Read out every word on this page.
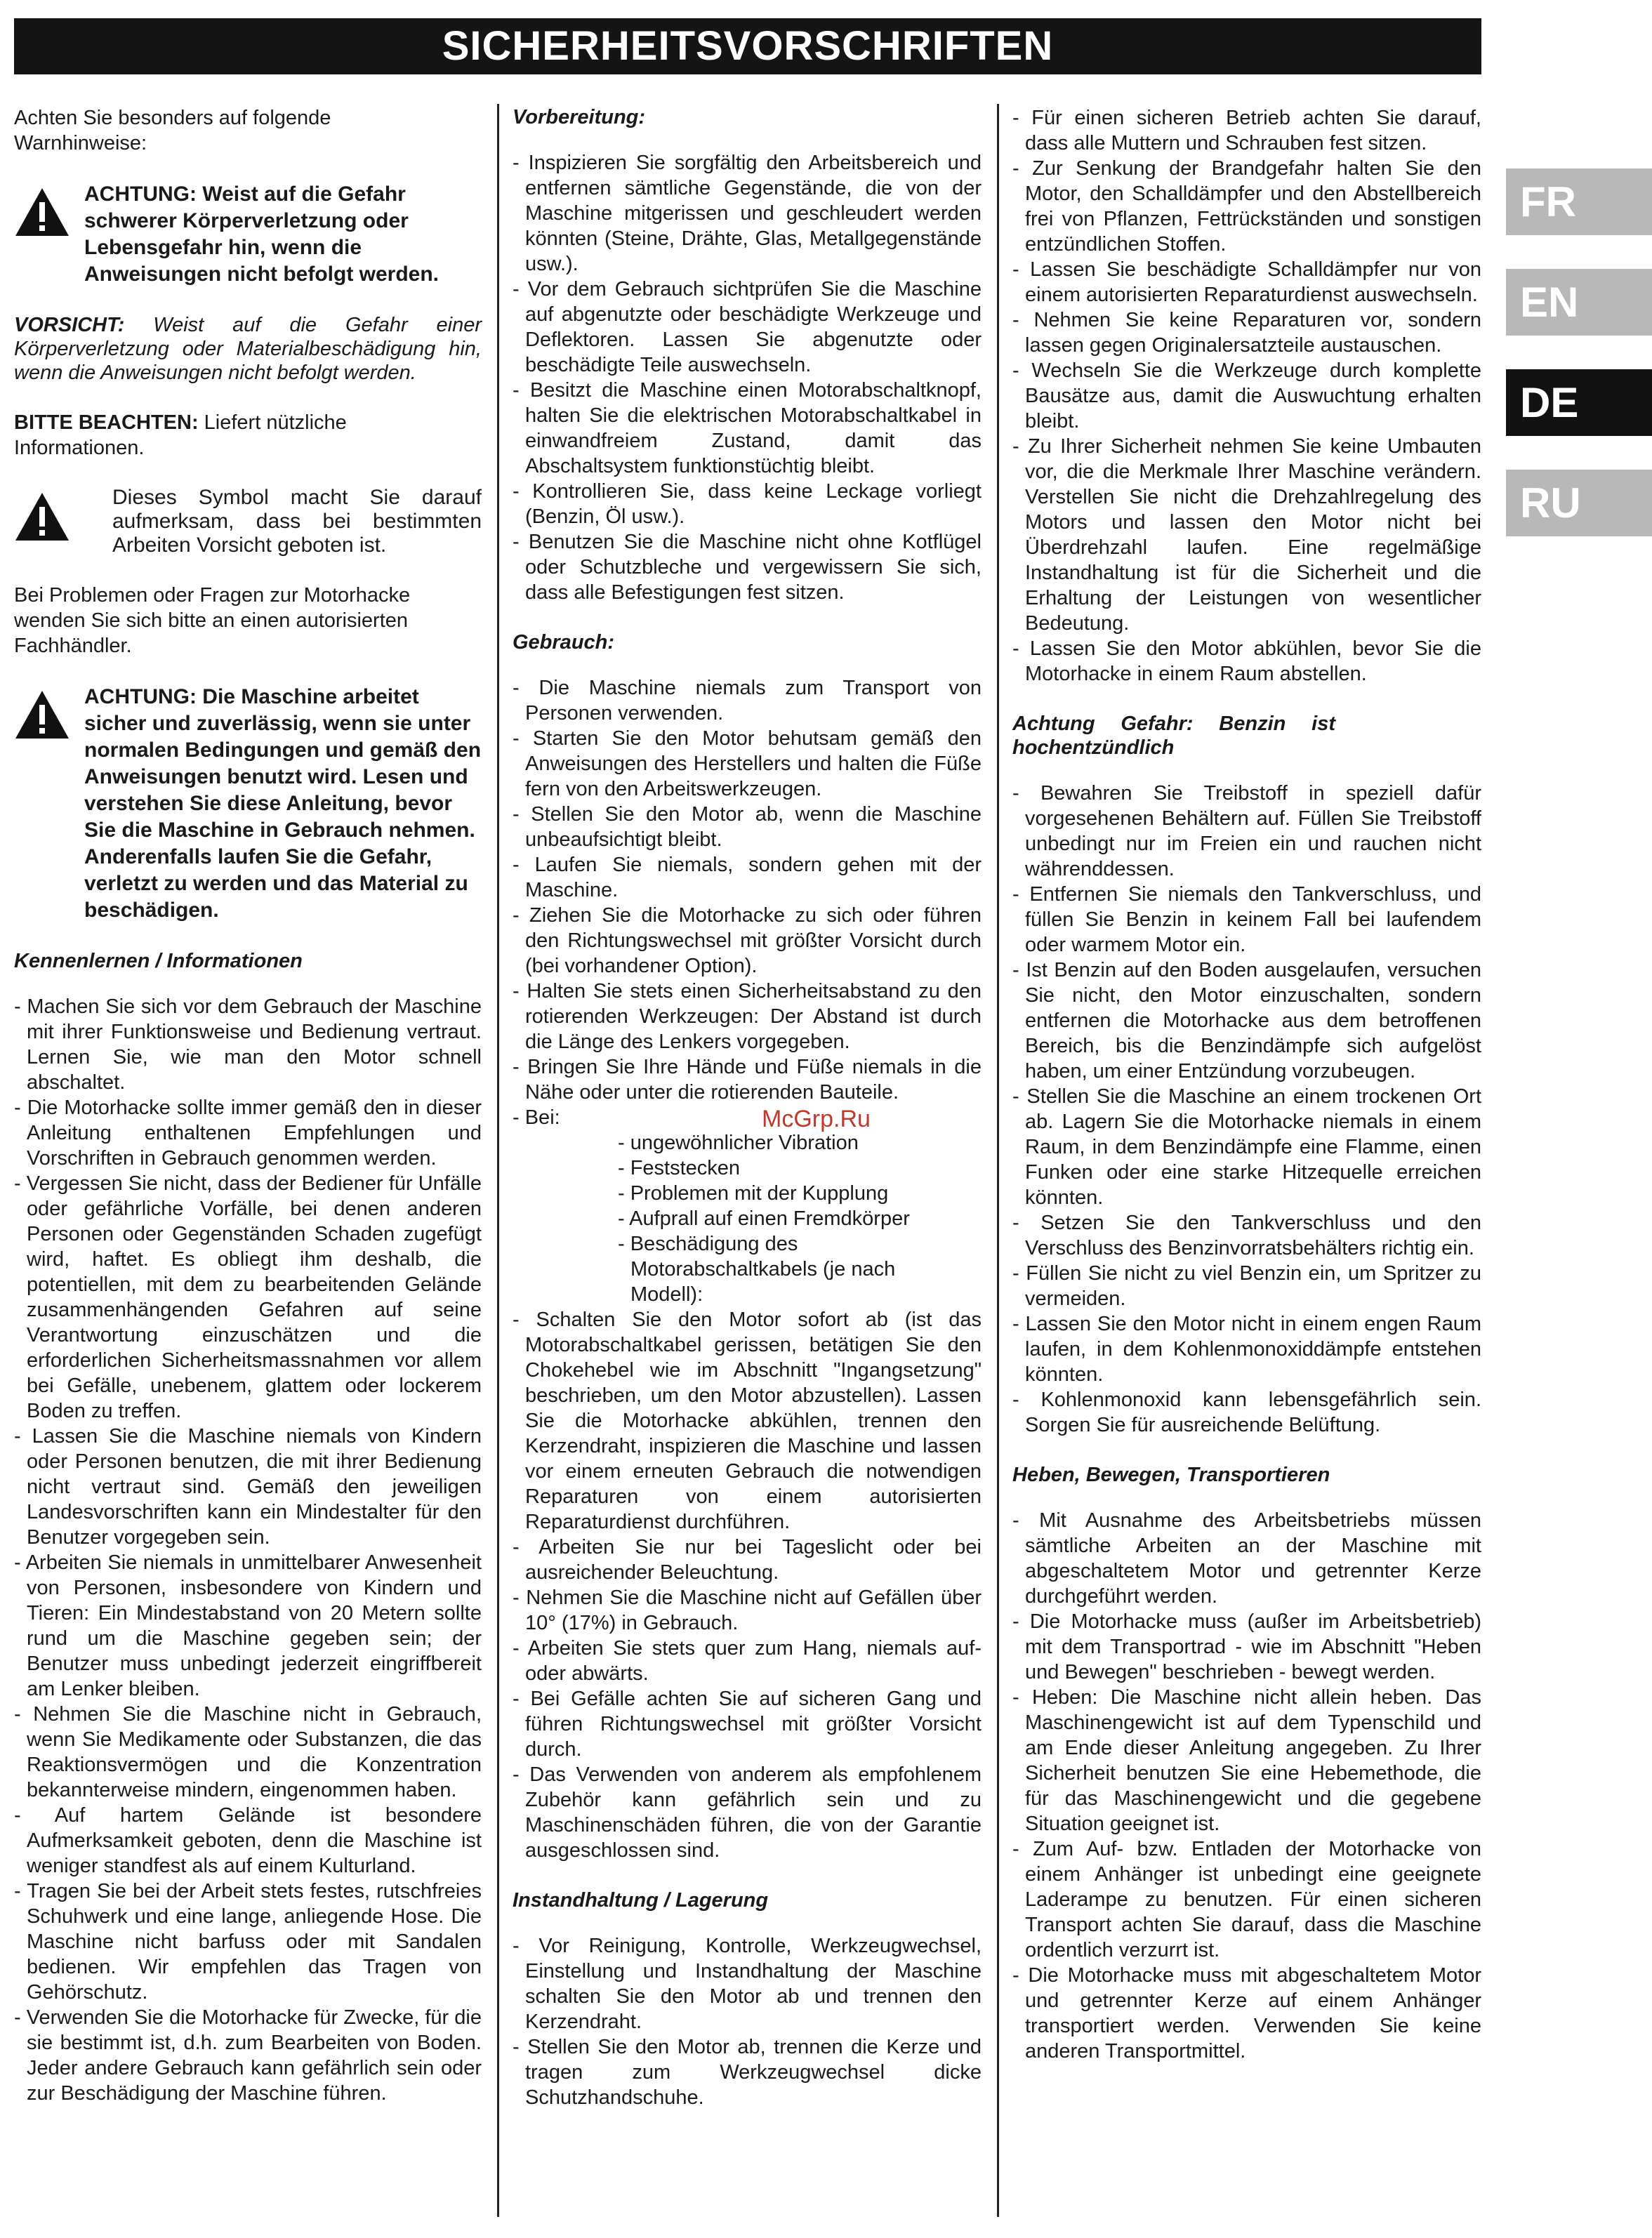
SICHERHEITSVORSCHRIFTEN
FR
EN
DE
RU
Achten Sie besonders auf folgende Warnhinweise:
ACHTUNG: Weist auf die Gefahr schwerer Körperverletzung oder Lebensgefahr hin, wenn die Anweisungen nicht befolgt werden.
VORSICHT: Weist auf die Gefahr einer Körperverletzung oder Materialbeschädigung hin, wenn die Anweisungen nicht befolgt werden.
BITTE BEACHTEN: Liefert nützliche Informationen.
Dieses Symbol macht Sie darauf aufmerksam, dass bei bestimmten Arbeiten Vorsicht geboten ist.
Bei Problemen oder Fragen zur Motorhacke wenden Sie sich bitte an einen autorisierten Fachhändler.
ACHTUNG: Die Maschine arbeitet sicher und zuverlässig, wenn sie unter normalen Bedingungen und gemäß den Anweisungen benutzt wird. Lesen und verstehen Sie diese Anleitung, bevor Sie die Maschine in Gebrauch nehmen. Anderenfalls laufen Sie die Gefahr, verletzt zu werden und das Material zu beschädigen.
Kennenlernen / Informationen
- Machen Sie sich vor dem Gebrauch der Maschine mit ihrer Funktionsweise und Bedienung vertraut. Lernen Sie, wie man den Motor schnell abschaltet.
- Die Motorhacke sollte immer gemäß den in dieser Anleitung enthaltenen Empfehlungen und Vorschriften in Gebrauch genommen werden.
- Vergessen Sie nicht, dass der Bediener für Unfälle oder gefährliche Vorfälle, bei denen anderen Personen oder Gegenständen Schaden zugefügt wird, haftet. Es obliegt ihm deshalb, die potentiellen, mit dem zu bearbeitenden Gelände zusammenhängenden Gefahren auf seine Verantwortung einzuschätzen und die erforderlichen Sicherheitsmassnahmen vor allem bei Gefälle, unebenem, glattem oder lockerem Boden zu treffen.
- Lassen Sie die Maschine niemals von Kindern oder Personen benutzen, die mit ihrer Bedienung nicht vertraut sind. Gemäß den jeweiligen Landesvorschriften kann ein Mindestalter für den Benutzer vorgegeben sein.
- Arbeiten Sie niemals in unmittelbarer Anwesenheit von Personen, insbesondere von Kindern und Tieren: Ein Mindestabstand von 20 Metern sollte rund um die Maschine gegeben sein; der Benutzer muss unbedingt jederzeit eingriffbereit am Lenker bleiben.
- Nehmen Sie die Maschine nicht in Gebrauch, wenn Sie Medikamente oder Substanzen, die das Reaktionsvermögen und die Konzentration bekannterweise mindern, eingenommen haben.
- Auf hartem Gelände ist besondere Aufmerksamkeit geboten, denn die Maschine ist weniger standfest als auf einem Kulturland.
- Tragen Sie bei der Arbeit stets festes, rutschfreies Schuhwerk und eine lange, anliegende Hose. Die Maschine nicht barfuss oder mit Sandalen bedienen. Wir empfehlen das Tragen von Gehörschutz.
- Verwenden Sie die Motorhacke für Zwecke, für die sie bestimmt ist, d.h. zum Bearbeiten von Boden. Jeder andere Gebrauch kann gefährlich sein oder zur Beschädigung der Maschine führen.
Vorbereitung:
- Inspizieren Sie sorgfältig den Arbeitsbereich und entfernen sämtliche Gegenstände, die von der Maschine mitgerissen und geschleudert werden könnten (Steine, Drähte, Glas, Metallgegenstände usw.).
- Vor dem Gebrauch sichtprüfen Sie die Maschine auf abgenutzte oder beschädigte Werkzeuge und Deflektoren. Lassen Sie abgenutzte oder beschädigte Teile auswechseln.
- Besitzt die Maschine einen Motorabschaltknopf, halten Sie die elektrischen Motorabschaltkabel in einwandfreiem Zustand, damit das Abschaltsystem funktionstüchtig bleibt.
- Kontrollieren Sie, dass keine Leckage vorliegt (Benzin, Öl usw.).
- Benutzen Sie die Maschine nicht ohne Kotflügel oder Schutzbleche und vergewissern Sie sich, dass alle Befestigungen fest sitzen.
Gebrauch:
- Die Maschine niemals zum Transport von Personen verwenden.
- Starten Sie den Motor behutsam gemäß den Anweisungen des Herstellers und halten die Füße fern von den Arbeitswerkzeugen.
- Stellen Sie den Motor ab, wenn die Maschine unbeaufsichtigt bleibt.
- Laufen Sie niemals, sondern gehen mit der Maschine.
- Ziehen Sie die Motorhacke zu sich oder führen den Richtungswechsel mit größter Vorsicht durch (bei vorhandener Option).
- Halten Sie stets einen Sicherheitsabstand zu den rotierenden Werkzeugen: Der Abstand ist durch die Länge des Lenkers vorgegeben.
- Bringen Sie Ihre Hände und Füße niemals in die Nähe oder unter die rotierenden Bauteile.
- Bei:
- ungewöhnlicher Vibration
- Feststecken
- Problemen mit der Kupplung
- Aufprall auf einen Fremdkörper
- Beschädigung des Motorabschaltkabels (je nach Modell):
- Schalten Sie den Motor sofort ab (ist das Motorabschaltkabel gerissen, betätigen Sie den Chokehebel wie im Abschnitt "Ingangsetzung" beschrieben, um den Motor abzustellen). Lassen Sie die Motorhacke abkühlen, trennen den Kerzendraht, inspizieren die Maschine und lassen vor einem erneuten Gebrauch die notwendigen Reparaturen von einem autorisierten Reparaturdienst durchführen.
- Arbeiten Sie nur bei Tageslicht oder bei ausreichender Beleuchtung.
- Nehmen Sie die Maschine nicht auf Gefällen über 10° (17%) in Gebrauch.
- Arbeiten Sie stets quer zum Hang, niemals auf- oder abwärts.
- Bei Gefälle achten Sie auf sicheren Gang und führen Richtungswechsel mit größter Vorsicht durch.
- Das Verwenden von anderem als empfohlenem Zubehör kann gefährlich sein und zu Maschinenschäden führen, die von der Garantie ausgeschlossen sind.
Instandhaltung / Lagerung
- Vor Reinigung, Kontrolle, Werkzeugwechsel, Einstellung und Instandhaltung der Maschine schalten Sie den Motor ab und trennen den Kerzendraht.
- Stellen Sie den Motor ab, trennen die Kerze und tragen zum Werkzeugwechsel dicke Schutzhandschuhe.
- Für einen sicheren Betrieb achten Sie darauf, dass alle Muttern und Schrauben fest sitzen.
- Zur Senkung der Brandgefahr halten Sie den Motor, den Schalldämpfer und den Abstellbereich frei von Pflanzen, Fettrückständen und sonstigen entzündlichen Stoffen.
- Lassen Sie beschädigte Schalldämpfer nur von einem autorisierten Reparaturdienst auswechseln.
- Nehmen Sie keine Reparaturen vor, sondern lassen gegen Originalersatzteile austauschen.
- Wechseln Sie die Werkzeuge durch komplette Bausätze aus, damit die Auswuchtung erhalten bleibt.
- Zu Ihrer Sicherheit nehmen Sie keine Umbauten vor, die die Merkmale Ihrer Maschine verändern. Verstellen Sie nicht die Drehzahlregelung des Motors und lassen den Motor nicht bei Überdrehzahl laufen. Eine regelmäßige Instandhaltung ist für die Sicherheit und die Erhaltung der Leistungen von wesentlicher Bedeutung.
- Lassen Sie den Motor abkühlen, bevor Sie die Motorhacke in einem Raum abstellen.
Achtung Gefahr: Benzin ist hochentzündlich
- Bewahren Sie Treibstoff in speziell dafür vorgesehenen Behältern auf. Füllen Sie Treibstoff unbedingt nur im Freien ein und rauchen nicht währenddessen.
- Entfernen Sie niemals den Tankverschluss, und füllen Sie Benzin in keinem Fall bei laufendem oder warmem Motor ein.
- Ist Benzin auf den Boden ausgelaufen, versuchen Sie nicht, den Motor einzuschalten, sondern entfernen die Motorhacke aus dem betroffenen Bereich, bis die Benzindämpfe sich aufgelöst haben, um einer Entzündung vorzubeugen.
- Stellen Sie die Maschine an einem trockenen Ort ab. Lagern Sie die Motorhacke niemals in einem Raum, in dem Benzindämpfe eine Flamme, einen Funken oder eine starke Hitzequelle erreichen könnten.
- Setzen Sie den Tankverschluss und den Verschluss des Benzinvorratsbehälters richtig ein.
- Füllen Sie nicht zu viel Benzin ein, um Spritzer zu vermeiden.
- Lassen Sie den Motor nicht in einem engen Raum laufen, in dem Kohlenmonoxiddämpfe entstehen könnten.
- Kohlenmonoxid kann lebensgefährlich sein. Sorgen Sie für ausreichende Belüftung.
Heben, Bewegen, Transportieren
- Mit Ausnahme des Arbeitsbetriebs müssen sämtliche Arbeiten an der Maschine mit abgeschaltetem Motor und getrennter Kerze durchgeführt werden.
- Die Motorhacke muss (außer im Arbeitsbetrieb) mit dem Transportrad - wie im Abschnitt "Heben und Bewegen" beschrieben - bewegt werden.
- Heben: Die Maschine nicht allein heben. Das Maschinengewicht ist auf dem Typenschild und am Ende dieser Anleitung angegeben. Zu Ihrer Sicherheit benutzen Sie eine Hebemethode, die für das Maschinengewicht und die gegebene Situation geeignet ist.
- Zum Auf- bzw. Entladen der Motorhacke von einem Anhänger ist unbedingt eine geeignete Laderampe zu benutzen. Für einen sicheren Transport achten Sie darauf, dass die Maschine ordentlich verzurrt ist.
- Die Motorhacke muss mit abgeschaltetem Motor und getrennter Kerze auf einem Anhänger transportiert werden. Verwenden Sie keine anderen Transportmittel.
McGrp.Ru
